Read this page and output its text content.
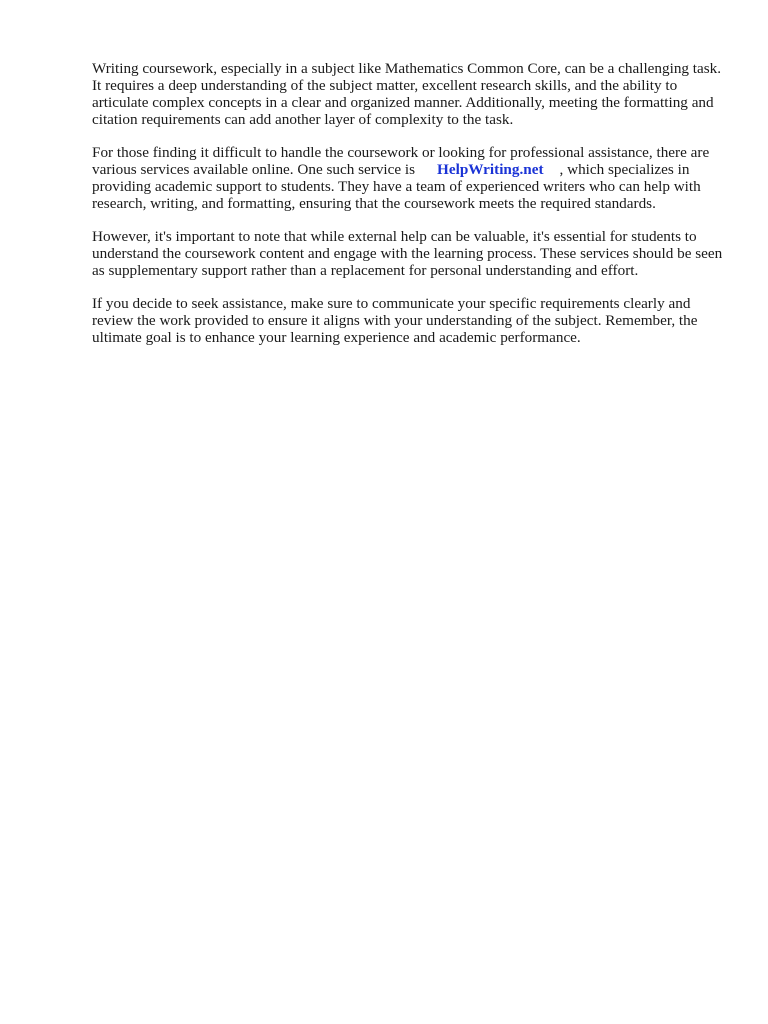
Writing coursework, especially in a subject like Mathematics Common Core, can be a challenging task. It requires a deep understanding of the subject matter, excellent research skills, and the ability to articulate complex concepts in a clear and organized manner. Additionally, meeting the formatting and citation requirements can add another layer of complexity to the task.

For those finding it difficult to handle the coursework or looking for professional assistance, there are various services available online. One such service is HelpWriting.net , which specializes in providing academic support to students. They have a team of experienced writers who can help with research, writing, and formatting, ensuring that the coursework meets the required standards.

However, it's important to note that while external help can be valuable, it's essential for students to understand the coursework content and engage with the learning process. These services should be seen as supplementary support rather than a replacement for personal understanding and effort.

If you decide to seek assistance, make sure to communicate your specific requirements clearly and review the work provided to ensure it aligns with your understanding of the subject. Remember, the ultimate goal is to enhance your learning experience and academic performance.
